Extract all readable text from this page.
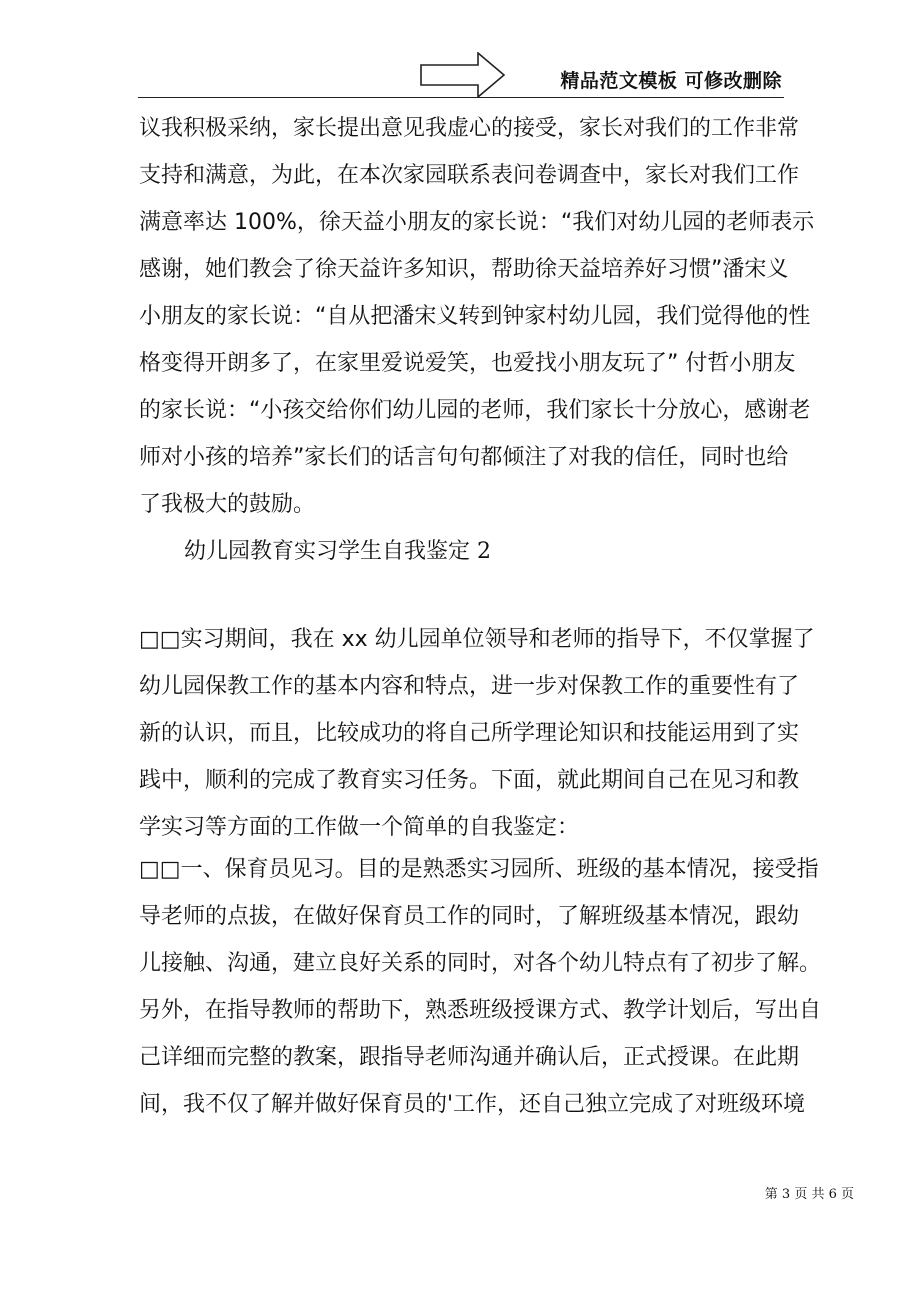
精品范文模板 可修改删除
议我积极采纳，家长提出意见我虚心的接受，家长对我们的工作非常
支持和满意，为此，在本次家园联系表问卷调查中，家长对我们工作
满意率达 100%，徐天益小朋友的家长说：“我们对幼儿园的老师表示
感谢，她们教会了徐天益许多知识，帮助徐天益培养好习惯”潘宋义
小朋友的家长说：“自从把潘宋义转到钟家村幼儿园，我们觉得他的性
格变得开朗多了，在家里爱说爱笑，也爱找小朋友玩了” 付哲小朋友
的家长说：“小孩交给你们幼儿园的老师，我们家长十分放心，感谢老
师对小孩的培养”家长们的话言句句都倾注了对我的信任，同时也给
了我极大的鼓励。
幼儿园教育实习学生自我鉴定 2
□□实习期间，我在 xx 幼儿园单位领导和老师的指导下，不仅掌握了
幼儿园保教工作的基本内容和特点，进一步对保教工作的重要性有了
新的认识，而且，比较成功的将自己所学理论知识和技能运用到了实
践中，顺利的完成了教育实习任务。下面，就此期间自己在见习和教
学实习等方面的工作做一个简单的自我鉴定：
□□一、保育员见习。目的是熟悉实习园所、班级的基本情况，接受指
导老师的点拔，在做好保育员工作的同时，了解班级基本情况，跟幼
儿接触、沟通，建立良好关系的同时，对各个幼儿特点有了初步了解。
另外，在指导教师的帮助下，熟悉班级授课方式、教学计划后，写出自
己详细而完整的教案，跟指导老师沟通并确认后，正式授课。在此期
间，我不仅了解并做好保育员的'工作，还自己独立完成了对班级环境
第 3 页 共 6 页
